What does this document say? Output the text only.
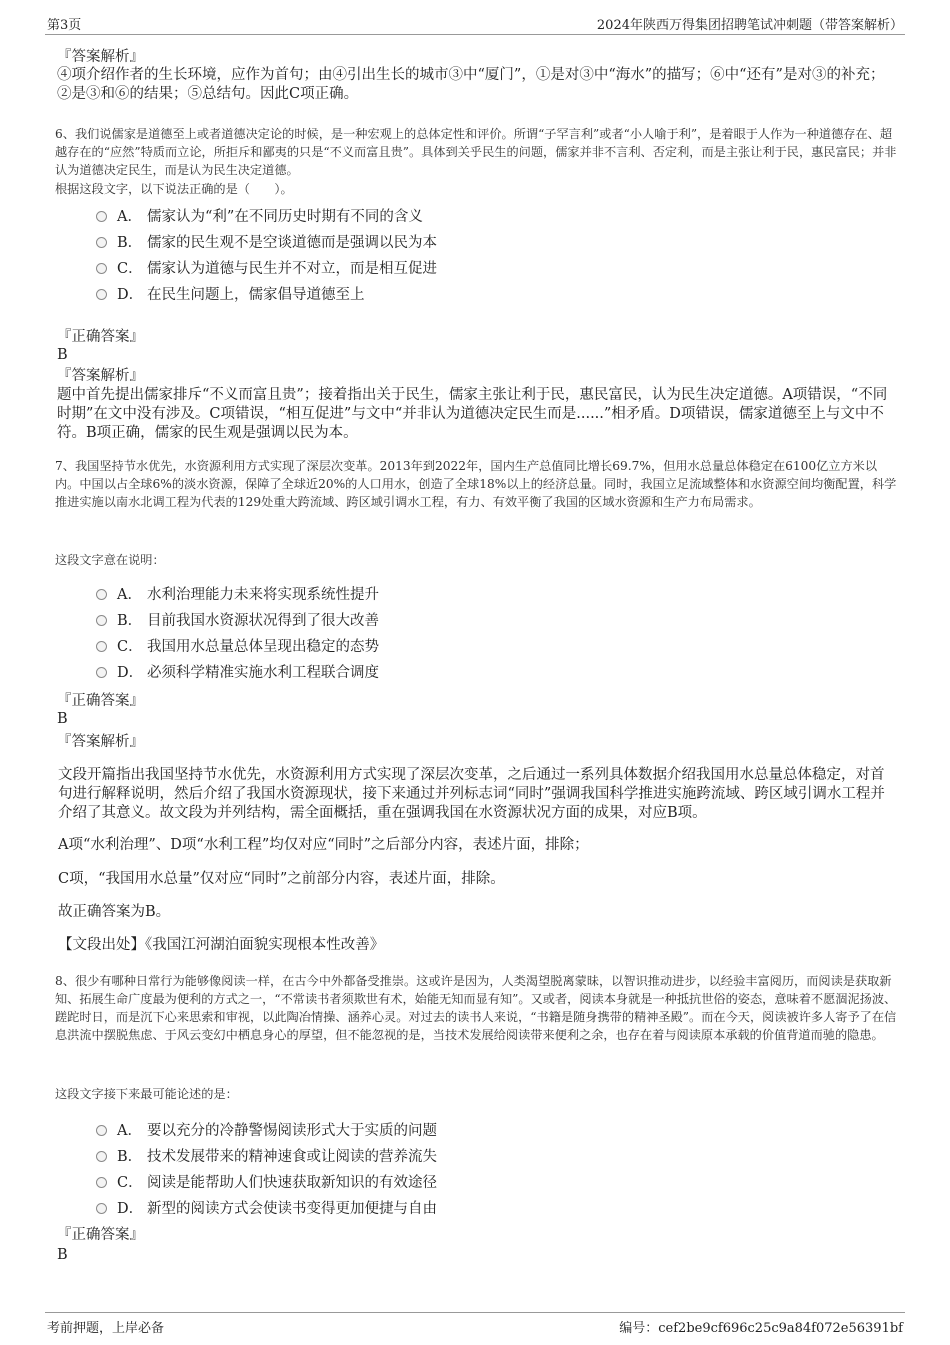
第3页	2024年陕西万得集团招聘笔试冲刺题（带答案解析）
『答案解析』
④项介绍作者的生长环境，应作为首句；由④引出生长的城市③中“厦门”，①是对③中“海水”的描写；⑥中“还有”是对③的补充；②是③和⑥的结果；⑤总结句。因此C项正确。
6、我们说儒家是道德至上或者道德决定论的时候，是一种宏观上的总体定性和评价。所谓“子罕言利”或者“小人喻于利”，是着眼于人作为一种道德存在、超越存在的“应然”特质而立论，所拒斥和鄙夷的只是“不义而富且贵”。具体到关乎民生的问题，儒家并非不言利、否定利，而是主张让利于民，惠民富民；并非认为道德决定民生，而是认为民生决定道德。
根据这段文字，以下说法正确的是（　　）。
A． 儒家认为“利”在不同历史时期有不同的含义
B． 儒家的民生观不是空谈道德而是强调以民为本
C． 儒家认为道德与民生并不对立，而是相互促进
D． 在民生问题上，儒家倡导道德至上
『正确答案』
B
『答案解析』
题中首先提出儒家排斥“不义而富且贵”；接着指出关于民生，儒家主张让利于民，惠民富民，认为民生决定道德。A项错误，“不同时期”在文中没有涉及。C项错误，“相互促进”与文中“并非认为道德决定民生而是......”相矛盾。D项错误，儒家道德至上与文中不符。B项正确，儒家的民生观是强调以民为本。
7、我国坚持节水优先，水资源利用方式实现了深层次变革。2013年到2022年，国内生产总值同比增长69.7%，但用水总量总体稳定在6100亿立方米以内。中国以占全球6%的淡水资源，保障了全球近20%的人口用水，创造了全球18%以上的经济总量。同时，我国立足流域整体和水资源空间均衡配置，科学推进实施以南水北调工程为代表的129处重大跨流域、跨区域引调水工程，有力、有效平衡了我国的区域水资源和生产力布局需求。
这段文字意在说明：
A． 水利治理能力未来将实现系统性提升
B． 目前我国水资源状况得到了很大改善
C． 我国用水总量总体呈现出稳定的态势
D． 必须科学精准实施水利工程联合调度
『正确答案』
B
『答案解析』
文段开篇指出我国坚持节水优先，水资源利用方式实现了深层次变革，之后通过一系列具体数据介绍我国用水总量总体稳定，对首句进行解释说明，然后介绍了我国水资源现状，接下来通过并列标志词“同时”强调我国科学推进实施跨流域、跨区域引调水工程并介绍了其意义。故文段为并列结构，需全面概括，重在强调我国在水资源状况方面的成果，对应B项。
A项“水利治理”、D项“水利工程”均仅对应“同时”之后部分内容，表述片面，排除；
C项，“我国用水总量”仅对应“同时”之前部分内容，表述片面，排除。
故正确答案为B。
【文段出处】《我国江河湖泊面貌实现根本性改善》
8、很少有哪种日常行为能够像阅读一样，在古今中外都备受推崇。这或许是因为，人类渴望脱离蒙昧，以智识推动进步，以经验丰富阅历，而阅读是获取新知、拓展生命广度最为便利的方式之一，“不常读书者须欺世有术，始能无知而显有知”。又或者，阅读本身就是一种抵抗世俗的姿态，意味着不愿涸泥扬波、蹉跎时日，而是沉下心来思索和审视，以此陶冶情操、涵养心灵。对过去的读书人来说，“书籍是随身携带的精神圣殿”。而在今天，阅读被许多人寄予了在信息洪流中摆脱焦虑、于风云变幻中栖息身心的厚望，但不能忽视的是，当技术发展给阅读带来便利之余，也存在着与阅读原本承载的价值背道而驰的隐患。
这段文字接下来最可能论述的是：
A． 要以充分的冷静警惕阅读形式大于实质的问题
B． 技术发展带来的精神速食或让阅读的营养流失
C． 阅读是能帮助人们快速获取新知识的有效途径
D． 新型的阅读方式会使读书变得更加便捷与自由
『正确答案』
B
考前押题，上岸必备	编号：cef2be9cf696c25c9a84f072e56391bf
